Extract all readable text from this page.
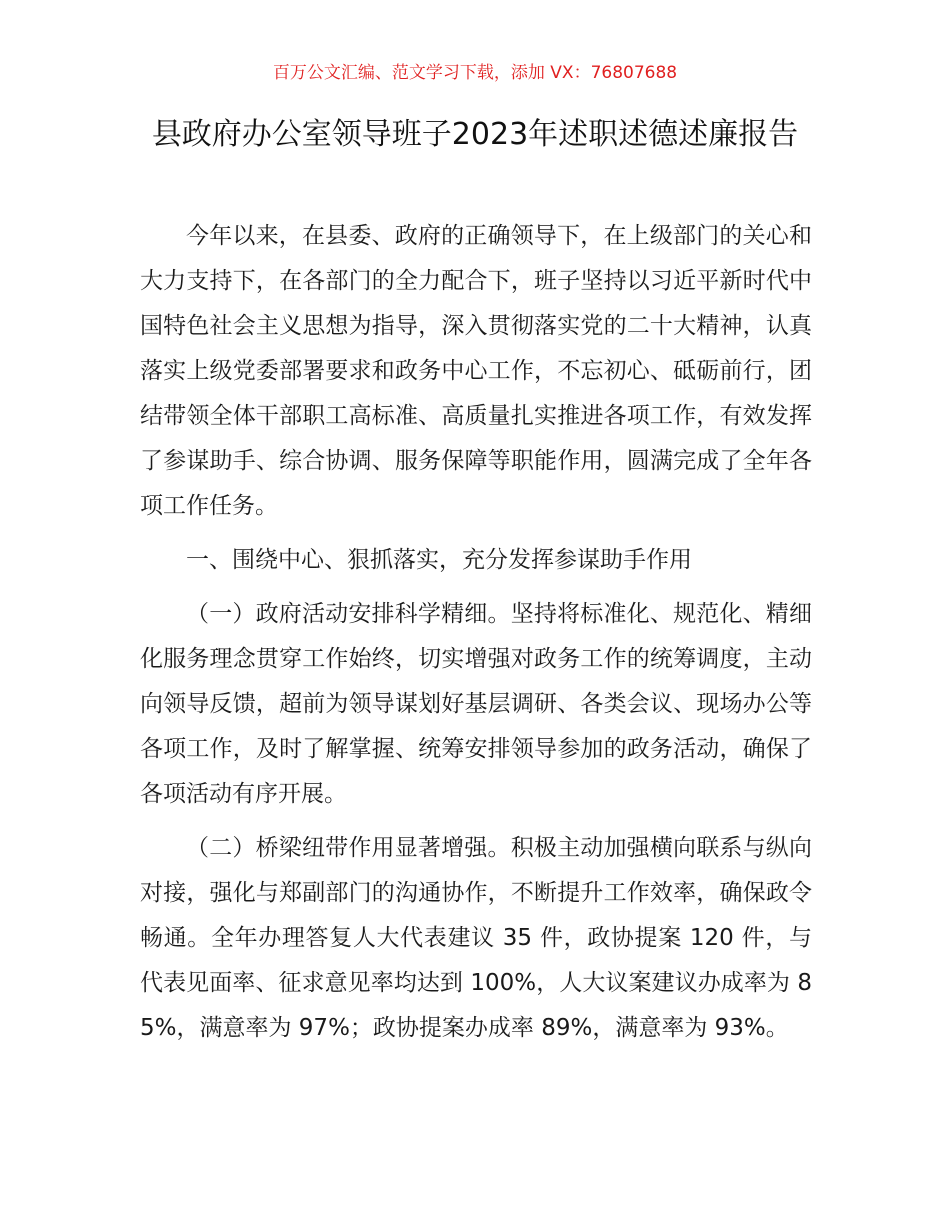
百万公文汇编、范文学习下载，添加 VX：76807688
县政府办公室领导班子2023年述职述德述廉报告

今年以来，在县委、政府的正确领导下，在上级部门的关心和大力支持下，在各部门的全力配合下，班子坚持以习近平新时代中国特色社会主义思想为指导，深入贯彻落实党的二十大精神，认真落实上级党委部署要求和政务中心工作，不忘初心、砥砺前行，团结带领全体干部职工高标准、高质量扎实推进各项工作，有效发挥了参谋助手、综合协调、服务保障等职能作用，圆满完成了全年各项工作任务。

一、围绕中心、狠抓落实，充分发挥参谋助手作用

（一）政府活动安排科学精细。坚持将标准化、规范化、精细化服务理念贯穿工作始终，切实增强对政务工作的统筹调度，主动向领导反馈，超前为领导谋划好基层调研、各类会议、现场办公等各项工作，及时了解掌握、统筹安排领导参加的政务活动，确保了各项活动有序开展。

（二）桥梁纽带作用显著增强。积极主动加强横向联系与纵向对接，强化与郑副部门的沟通协作，不断提升工作效率，确保政令畅通。全年办理答复人大代表建议 35 件，政协提案 120 件，与代表见面率、征求意见率均达到 100%，人大议案建议办成率为 85%，满意率为 97%；政协提案办成率 89%，满意率为 93%。
